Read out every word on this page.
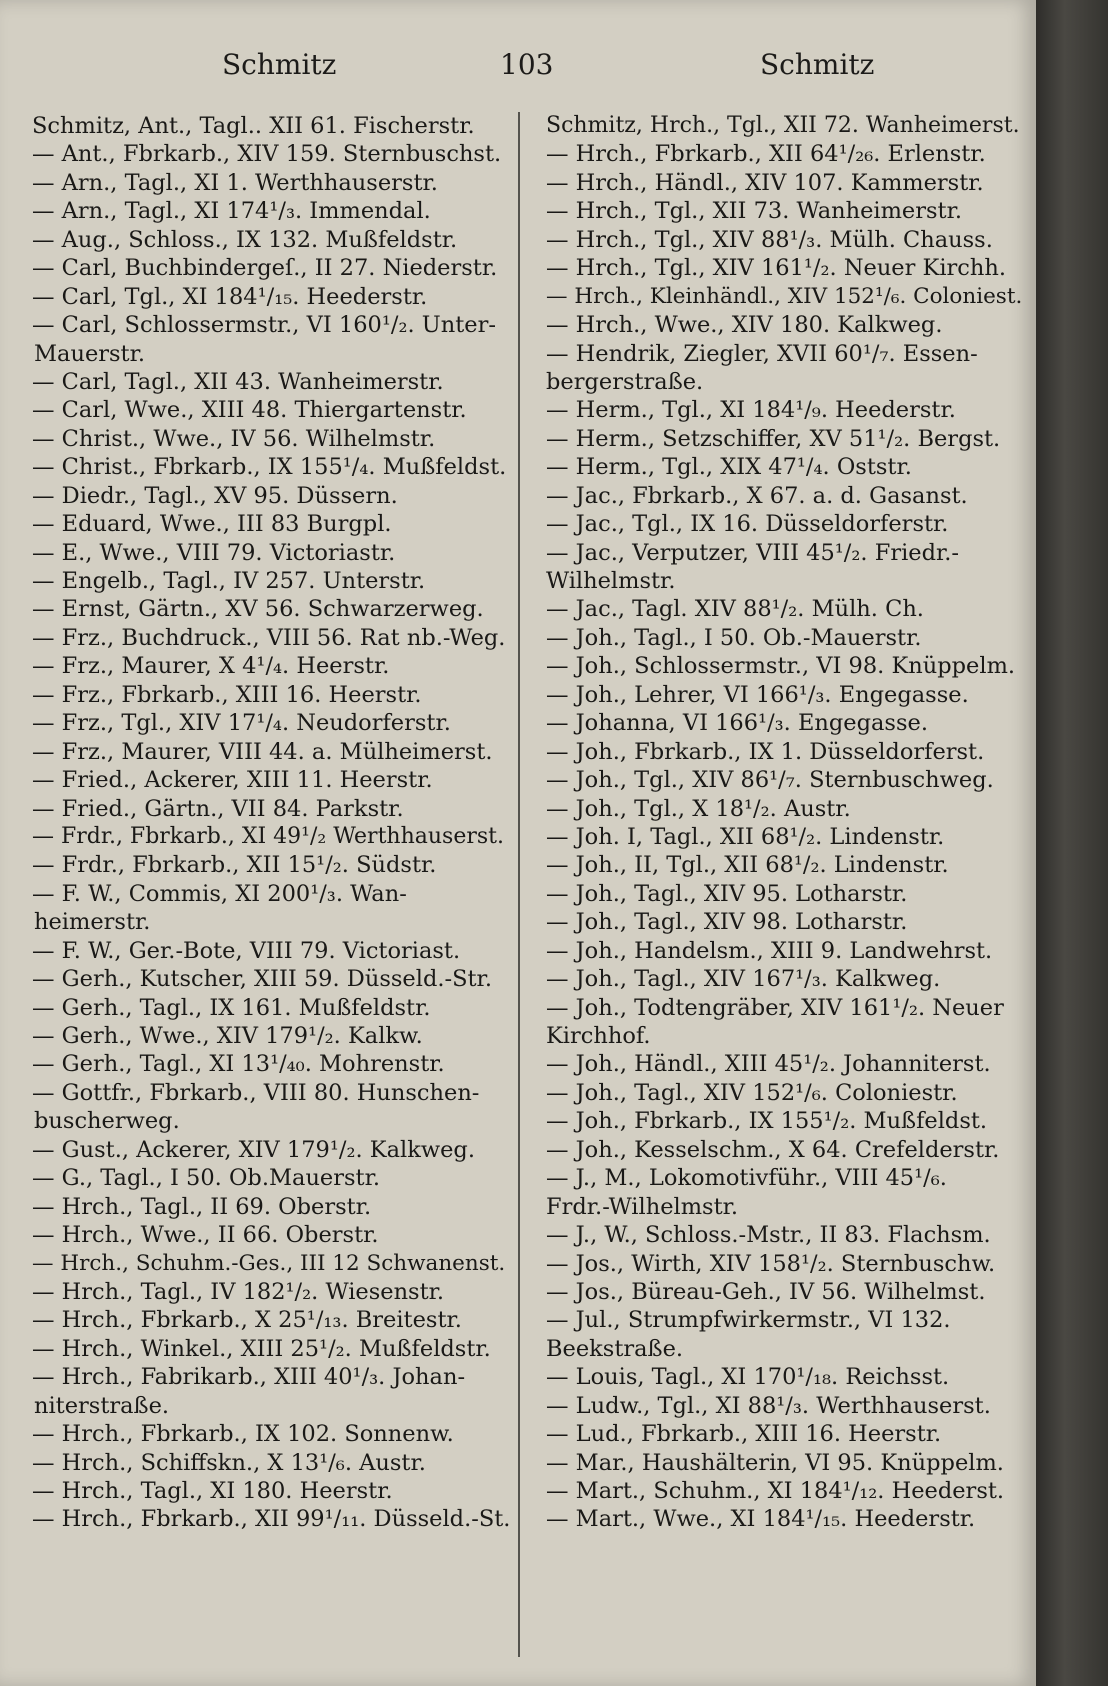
Schmitz	103	Schmitz
Schmitz, Ant., Tagl.. XII 61. Fischerstr.
— Ant., Fbrkarb., XIV 159. Sternbuschst.
— Arn., Tagl., XI 1. Werthhauserstr.
— Arn., Tagl., XI 174¹/₃. Immendal.
— Aug., Schloss., IX 132. Mußfeldstr.
— Carl, Buchbindergeſ., II 27. Niederstr.
— Carl, Tgl., XI 184¹/₁₅. Heederstr.
— Carl, Schlossermstr., VI 160¹/₂. Unter-
Mauerstr.
— Carl, Tagl., XII 43. Wanheimerstr.
— Carl, Wwe., XIII 48. Thiergartenstr.
— Christ., Wwe., IV 56. Wilhelmstr.
— Christ., Fbrkarb., IX 155¹/₄. Mußfeldst.
— Diedr., Tagl., XV 95. Düssern.
— Eduard, Wwe., III 83 Burgpl.
— E., Wwe., VIII 79. Victoriastr.
— Engelb., Tagl., IV 257. Unterstr.
— Ernst, Gärtn., XV 56. Schwarzerweg.
— Frz., Buchdruck., VIII 56. Rat nb.-Weg.
— Frz., Maurer, X 4¹/₄. Heerstr.
— Frz., Fbrkarb., XIII 16. Heerstr.
— Frz., Tgl., XIV 17¹/₄. Neudorferstr.
— Frz., Maurer, VIII 44. a. Mülheimerst.
— Fried., Ackerer, XIII 11. Heerstr.
— Fried., Gärtn., VII 84. Parkstr.
— Frdr., Fbrkarb., XI 49¹/₂ Werthhauserst.
— Frdr., Fbrkarb., XII 15¹/₂. Südstr.
— F. W., Commis, XI 200¹/₃. Wan-
heimerstr.
— F. W., Ger.-Bote, VIII 79. Victoriast.
— Gerh., Kutscher, XIII 59. Düsseld.-Str.
— Gerh., Tagl., IX 161. Mußfeldstr.
— Gerh., Wwe., XIV 179¹/₂. Kalkw.
— Gerh., Tagl., XI 13¹/₄₀. Mohrenstr.
— Gottfr., Fbrkarb., VIII 80. Hunschen-
buscherweg.
— Gust., Ackerer, XIV 179¹/₂. Kalkweg.
— G., Tagl., I 50. Ob.Mauerstr.
— Hrch., Tagl., II 69. Oberstr.
— Hrch., Wwe., II 66. Oberstr.
— Hrch., Schuhm.-Ges., III 12 Schwanenst.
— Hrch., Tagl., IV 182¹/₂. Wiesenstr.
— Hrch., Fbrkarb., X 25¹/₁₃. Breitestr.
— Hrch., Winkel., XIII 25¹/₂. Mußfeldstr.
— Hrch., Fabrikarb., XIII 40¹/₃. Johan-
niterstraße.
— Hrch., Fbrkarb., IX 102. Sonnenw.
— Hrch., Schiffskn., X 13¹/₆. Austr.
— Hrch., Tagl., XI 180. Heerstr.
— Hrch., Fbrkarb., XII 99¹/₁₁. Düsseld.-St.
Schmitz, Hrch., Tgl., XII 72. Wanheimerst.
— Hrch., Fbrkarb., XII 64¹/₂₆. Erlenstr.
— Hrch., Händl., XIV 107. Kammerstr.
— Hrch., Tgl., XII 73. Wanheimerstr.
— Hrch., Tgl., XIV 88¹/₃. Mülh. Chauss.
— Hrch., Tgl., XIV 161¹/₂. Neuer Kirchh.
— Hrch., Kleinhändl., XIV 152¹/₆. Coloniest.
— Hrch., Wwe., XIV 180. Kalkweg.
— Hendrik, Ziegler, XVII 60¹/₇. Essen-
bergerstraße.
— Herm., Tgl., XI 184¹/₉. Heederstr.
— Herm., Setzschiffer, XV 51¹/₂. Bergst.
— Herm., Tgl., XIX 47¹/₄. Oststr.
— Jac., Fbrkarb., X 67. a. d. Gasanst.
— Jac., Tgl., IX 16. Düsseldorferstr.
— Jac., Verputzer, VIII 45¹/₂. Friedr.-
Wilhelmstr.
— Jac., Tagl. XIV 88¹/₂. Mülh. Ch.
— Joh., Tagl., I 50. Ob.-Mauerstr.
— Joh., Schlossermstr., VI 98. Knüppelm.
— Joh., Lehrer, VI 166¹/₃. Engegasse.
— Johanna, VI 166¹/₃. Engegasse.
— Joh., Fbrkarb., IX 1. Düsseldorferst.
— Joh., Tgl., XIV 86¹/₇. Sternbuschweg.
— Joh., Tgl., X 18¹/₂. Austr.
— Joh. I, Tagl., XII 68¹/₂. Lindenstr.
— Joh., II, Tgl., XII 68¹/₂. Lindenstr.
— Joh., Tagl., XIV 95. Lotharstr.
— Joh., Tagl., XIV 98. Lotharstr.
— Joh., Handelsm., XIII 9. Landwehrst.
— Joh., Tagl., XIV 167¹/₃. Kalkweg.
— Joh., Todtengräber, XIV 161¹/₂. Neuer
Kirchhof.
— Joh., Händl., XIII 45¹/₂. Johanniterst.
— Joh., Tagl., XIV 152¹/₆. Coloniestr.
— Joh., Fbrkarb., IX 155¹/₂. Mußfeldst.
— Joh., Kesselschm., X 64. Crefelderstr.
— J., M., Lokomotivführ., VIII 45¹/₆.
Frdr.-Wilhelmstr.
— J., W., Schloss.-Mstr., II 83. Flachsm.
— Jos., Wirth, XIV 158¹/₂. Sternbuschw.
— Jos., Büreau-Geh., IV 56. Wilhelmst.
— Jul., Strumpfwirkermstr., VI 132.
Beekstraße.
— Louis, Tagl., XI 170¹/₁₈. Reichsst.
— Ludw., Tgl., XI 88¹/₃. Werthhauserst.
— Lud., Fbrkarb., XIII 16. Heerstr.
— Mar., Haushälterin, VI 95. Knüppelm.
— Mart., Schuhm., XI 184¹/₁₂. Heederst.
— Mart., Wwe., XI 184¹/₁₅. Heederstr.
